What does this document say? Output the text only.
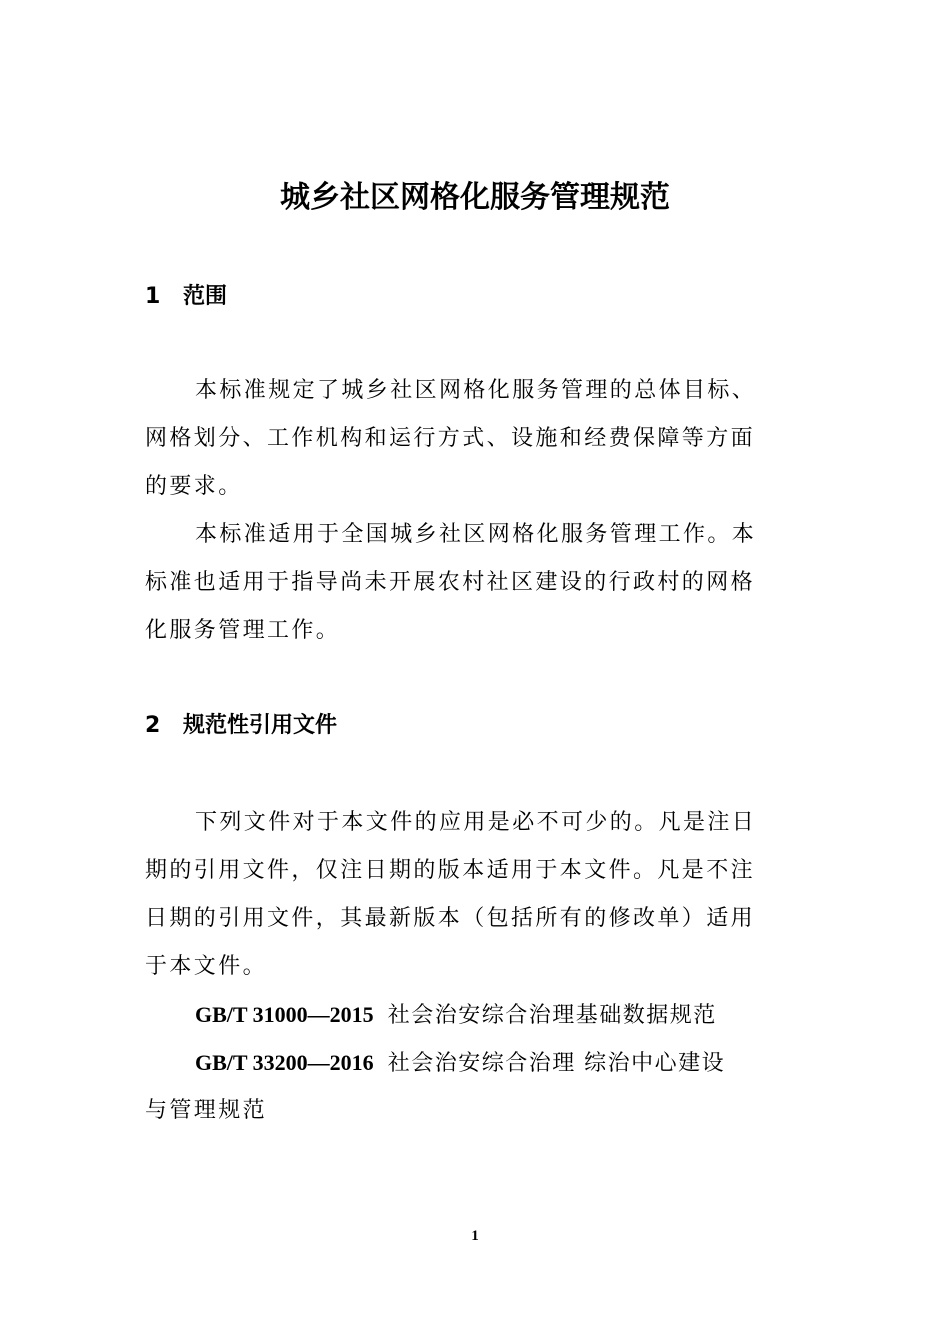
城乡社区网格化服务管理规范
1 范围
本标准规定了城乡社区网格化服务管理的总体目标、
网格划分、工作机构和运行方式、设施和经费保障等方面
的要求。
本标准适用于全国城乡社区网格化服务管理工作。本
标准也适用于指导尚未开展农村社区建设的行政村的网格
化服务管理工作。
2 规范性引用文件
下列文件对于本文件的应用是必不可少的。凡是注日
期的引用文件，仅注日期的版本适用于本文件。凡是不注
日期的引用文件，其最新版本（包括所有的修改单）适用
于本文件。
GB/T 31000—2015 社会治安综合治理基础数据规范
GB/T 33200—2016 社会治安综合治理 综治中心建设
与管理规范
1
